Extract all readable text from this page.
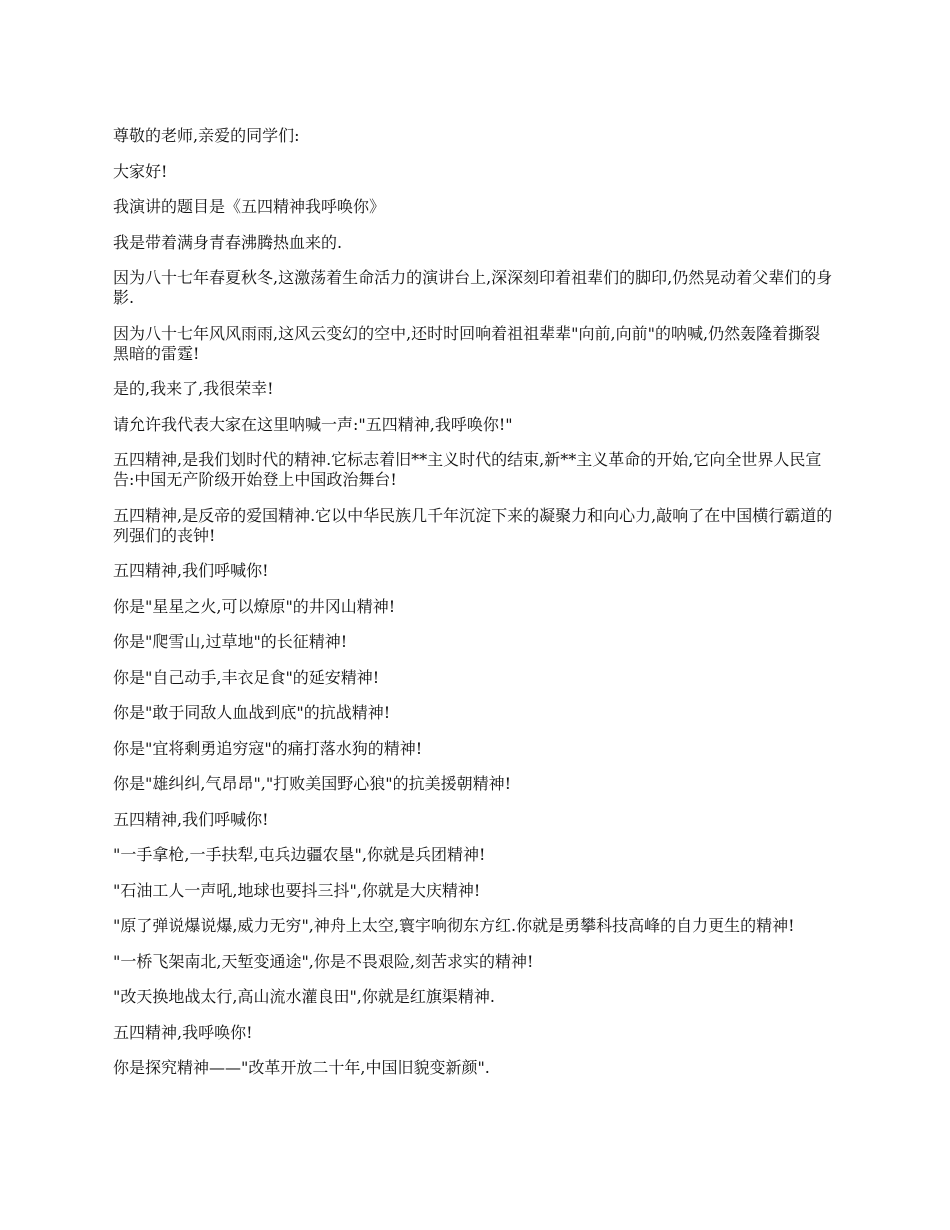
尊敬的老师,亲爱的同学们:

大家好!

我演讲的题目是《五四精神我呼唤你》

我是带着满身青春沸腾热血来的.

因为八十七年春夏秋冬,这激荡着生命活力的演讲台上,深深刻印着祖辈们的脚印,仍然晃动着父辈们的身影.

因为八十七年风风雨雨,这风云变幻的空中,还时时回响着祖祖辈辈"向前,向前"的呐喊,仍然轰隆着撕裂黑暗的雷霆!

是的,我来了,我很荣幸!

请允许我代表大家在这里呐喊一声:"五四精神,我呼唤你!"

五四精神,是我们划时代的精神.它标志着旧**主义时代的结束,新**主义革命的开始,它向全世界人民宣告:中国无产阶级开始登上中国政治舞台!

五四精神,是反帝的爱国精神.它以中华民族几千年沉淀下来的凝聚力和向心力,敲响了在中国横行霸道的列强们的丧钟!

五四精神,我们呼喊你!

你是"星星之火,可以燎原"的井冈山精神!

你是"爬雪山,过草地"的长征精神!

你是"自己动手,丰衣足食"的延安精神!

你是"敢于同敌人血战到底"的抗战精神!

你是"宜将剩勇追穷寇"的痛打落水狗的精神!

你是"雄纠纠,气昂昂","打败美国野心狼"的抗美援朝精神!

五四精神,我们呼喊你!

"一手拿枪,一手扶犁,屯兵边疆农垦",你就是兵团精神!

"石油工人一声吼,地球也要抖三抖",你就是大庆精神!

"原了弹说爆说爆,威力无穷",神舟上太空,寰宇响彻东方红.你就是勇攀科技高峰的自力更生的精神!

"一桥飞架南北,天堑变通途",你是不畏艰险,刻苦求实的精神!

"改天换地战太行,高山流水灌良田",你就是红旗渠精神.

五四精神,我呼唤你!

你是探究精神——"改革开放二十年,中国旧貌变新颜".
